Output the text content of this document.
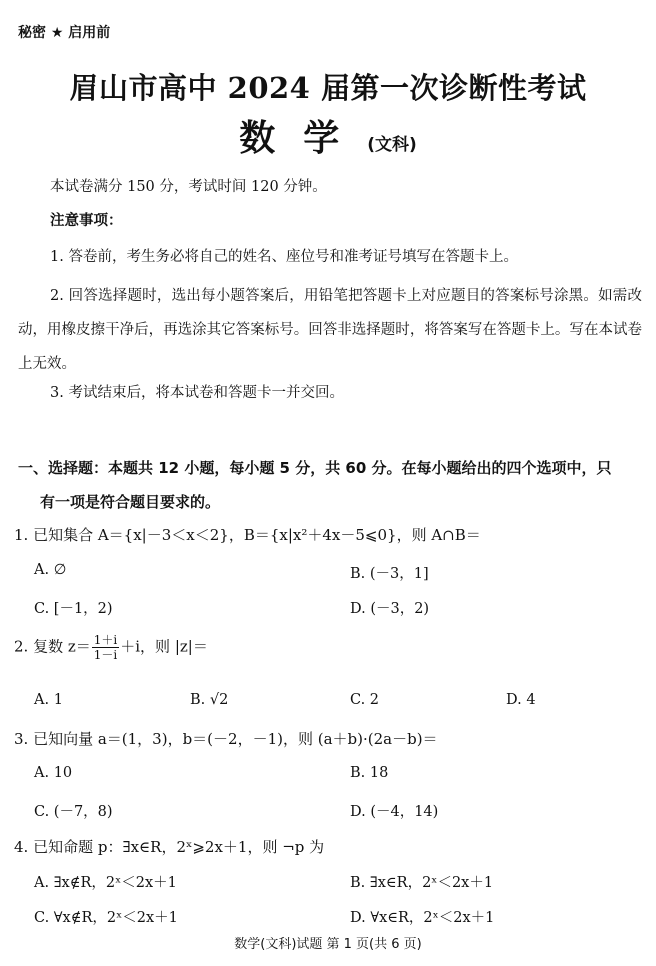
秘密 ★ 启用前
眉山市高中 2024 届第一次诊断性考试
数学(文科)
本试卷满分 150 分，考试时间 120 分钟。
注意事项：
1. 答卷前，考生务必将自己的姓名、座位号和准考证号填写在答题卡上。
2. 回答选择题时，选出每小题答案后，用铅笔把答题卡上对应题目的答案标号涂黑。如需改动，用橡皮擦干净后，再选涂其它答案标号。回答非选择题时，将答案写在答题卡上。写在本试卷上无效。
3. 考试结束后，将本试卷和答题卡一并交回。
一、选择题：本题共 12 小题，每小题 5 分，共 60 分。在每小题给出的四个选项中，只
有一项是符合题目要求的。
1. 已知集合 A＝{x|－3＜x＜2}，B＝{x|x²＋4x－5⩽0}，则 A∩B＝
A. ∅	B. (－3，1]
C. [－1，2)	D. (－3，2)
2. 复数 $z= \frac{1+i}{1-i} +i$，则 |z|＝
A. 1	B. √2	C. 2	D. 4
3. 已知向量 a＝(1，3)，b＝(－2，－1)，则 (a＋b)·(2a－b)＝
A. 10	B. 18
C. (－7，8)	D. (－4，14)
4. 已知命题 p：∃x∈R，2ˣ⩾2x＋1，则 ¬p 为
A. ∃x∉R，2ˣ＜2x＋1	B. ∃x∈R，2ˣ＜2x＋1
C. ∀x∉R，2ˣ＜2x＋1	D. ∀x∈R，2ˣ＜2x＋1
数学(文科)试题 第 1 页(共 6 页)
